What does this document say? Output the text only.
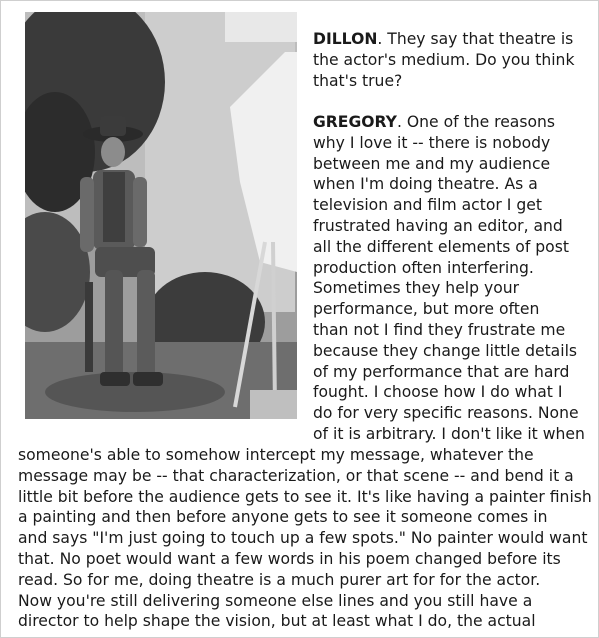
DILLON. They say that theatre is the actor's medium. Do you think that's true?

GREGORY. One of the reasons
why I love it -- there is nobody
between me and my audience
when I'm doing theatre. As a
television and film actor I get
frustrated having an editor, and
all the different elements of post
production often interfering.
Sometimes they help your
performance, but more often
than not I find they frustrate me
because they change little details
of my performance that are hard
fought. I choose how I do what I
do for very specific reasons. None
of it is arbitrary. I don't like it when
someone's able to somehow intercept my message, whatever the
message may be -- that characterization, or that scene -- and bend it a
little bit before the audience gets to see it. It's like having a painter finish
a painting and then before anyone gets to see it someone comes in
and says "I'm just going to touch up a few spots." No painter would want
that. No poet would want a few words in his poem changed before its
read. So for me, doing theatre is a much purer art for for the actor.
Now you're still delivering someone else lines and you still have a
director to help shape the vision, but at least what I do, the actual
